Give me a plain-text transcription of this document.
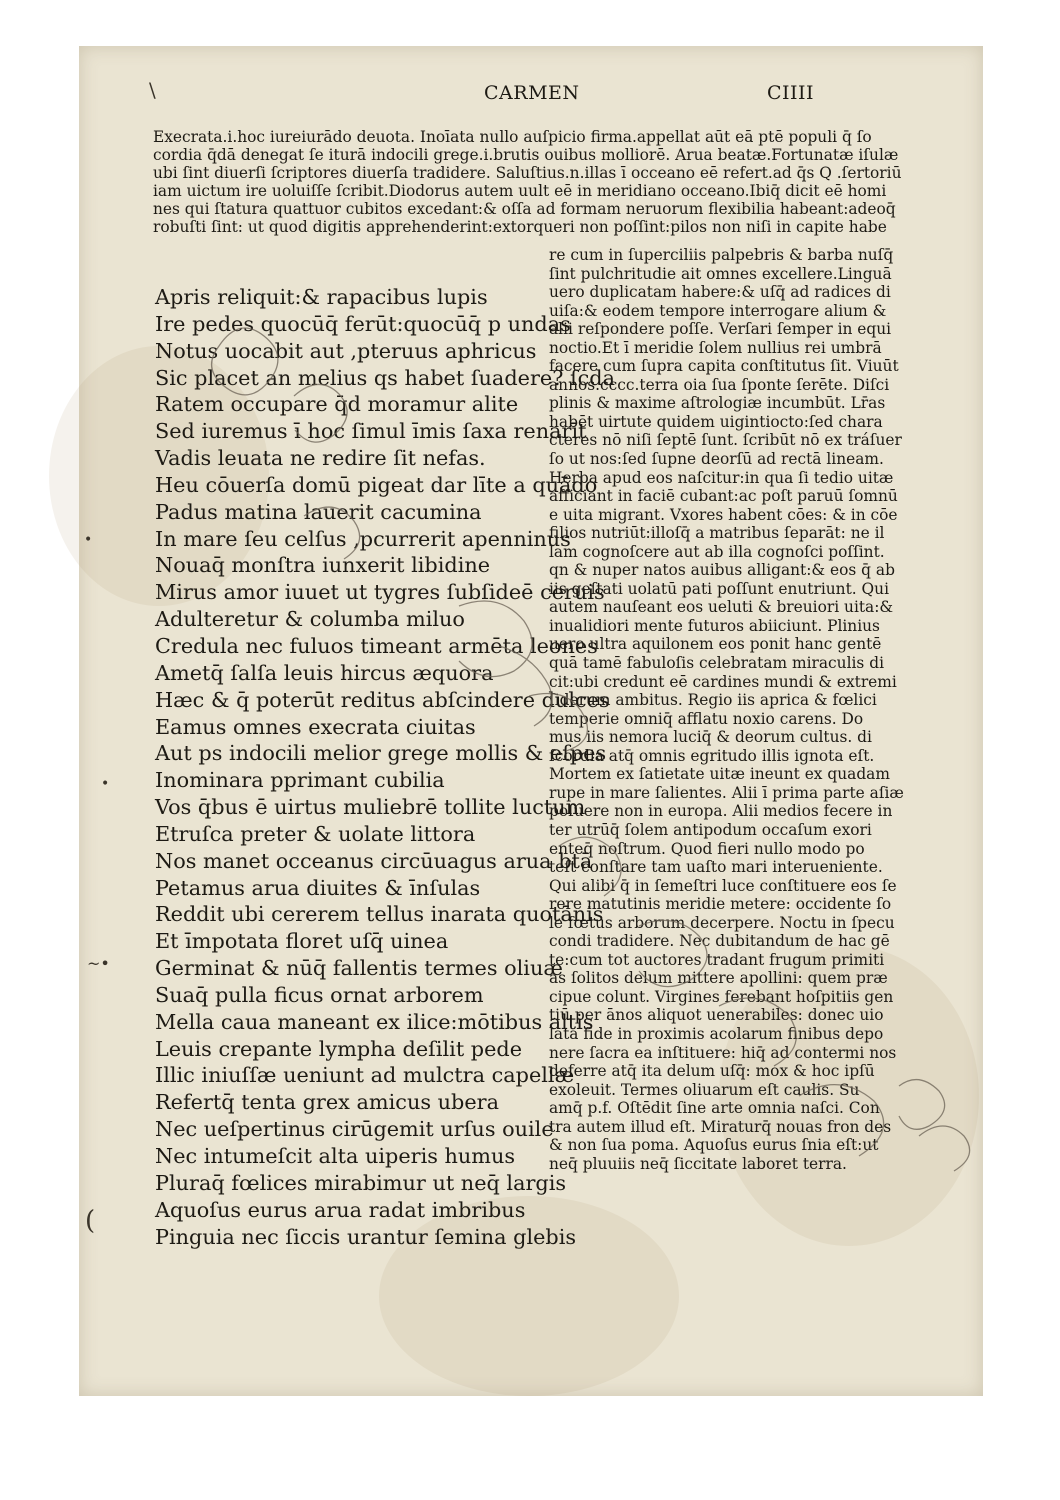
CARMEN	CIIII
\
(
•
•
~•
Execrata.i.hoc iureiurādo deuota. Inoīata nullo auſpicio firma.appellat aūt eā ptē populi q̄ ſo
cordia q̄dā denegat ſe iturā indocili grege.i.brutis ouibus molliorē. Arua beatæ.Fortunatæ iſulæ
ubi ſint diuerſi ſcriptores diuerſa tradidere. Saluſtius.n.illas ī occeano eē refert.ad q̄s Q .ſertoriū
iam uictum ire uoluiſſe ſcribit.Diodorus autem uult eē in meridiano occeano.Ibiq̄ dicit eē homi
nes qui ſtatura quattuor cubitos excedant:& oſſa ad formam neruorum flexibilia habeant:adeoq̄
robuſti ſint: ut quod digitis apprehenderint:extorqueri non poſſint:pilos non niſi in capite habe
Apris reliquit:& rapacibus lupis
Ire pedes quocūq̄ ferūt:quocūq̄ p undas
Notus uocabit aut ,pteruus aphricus
Sic placet an melius qs habet ſuadere? ſcda
Ratem occupare q̄d moramur alite
Sed iuremus ī hoc ſimul īmis ſaxa renarīt
Vadis leuata ne redire ſit nefas.
Heu cōuerſa domū pigeat dar līte a quādo
Padus matina lauerit cacumina
In mare ſeu celſus ,pcurrerit apenninus
Nouaq̄ monſtra iunxerit libidine
Mirus amor iuuet ut tygres ſubſideē ceruis
Adulteretur & columba miluo
Credula nec fuluos timeant armēta leones
Ametq̄ ſalſa leuis hircus æquora
Hæc & q̄ poterūt reditus abſcindere dulces
Eamus omnes execrata ciuitas
Aut ps indocili melior grege mollis & eſpes
Inominara pprimant cubilia
Vos q̄bus ē uirtus muliebrē tollite luctum
Etruſca preter & uolate littora
Nos manet occeanus circūuagus arua btā
Petamus arua diuites & īnſulas
Reddit ubi cererem tellus inarata quotānis
Et īmpotata floret uſq̄ uinea
Germinat & nūq̄ fallentis termes oliuæ
Suaq̄ pulla ficus ornat arborem
Mella caua maneant ex ilice:mōtibus altis
Leuis crepante lympha deſilit pede
Illic iniuſſæ ueniunt ad mulctra capellæ
Refertq̄ tenta grex amicus ubera
Nec ueſpertinus cirūgemit urſus ouile
Nec intumeſcit alta uiperis humus
Pluraq̄ fœlices mirabimur ut neq̄ largis
Aquoſus eurus arua radat imbribus
Pinguia nec ſiccis urantur ſemina glebis
re cum in ſuperciliis palpebris & barba nuſq̄
ſint pulchritudie ait omnes excellere.Linguā
uero duplicatam habere:& uſq̄ ad radices di
uiſa:& eodem tempore interrogare alium &
alii reſpondere poſſe. Verſari ſemper in equi
noctio.Et ī meridie ſolem nullius rei umbrā
facere cum ſupra capita conſtitutus ſit. Viuūt
annos.cccc.terra oia ſua ſponte ſerēte. Diſci
plinis & maxime aſtrologiæ incumbūt. Lr̄as
habēt uirtute quidem uigintiocto:ſed chara
cteres nō niſi ſeptē ſunt. ſcribūt nō ex tráſuer
ſo ut nos:ſed ſupne deorſū ad rectā lineam.
Herba apud eos naſcitur:in qua ſi tedio uitæ
afficiant in faciē cubant:ac poſt paruū ſomnū
e uita migrant. Vxores habent cōes: & in cōe
filios nutriūt:illoſq̄ a matribus ſeparāt: ne il
lam cognoſcere aut ab illa cognoſci poſſint.
qn & nuper natos auibus alligant:& eos q̄ ab
iis geſtati uolatū pati poſſunt enutriunt. Qui
autem nauſeant eos ueluti & breuiori uita:&
inualidiori mente futuros abiiciunt. Plinius
uero ultra aquilonem eos ponit hanc gentē
quā tamē fabuloſis celebratam miraculis di
cit:ubi credunt eē cardines mundi & extremi
ſiderum ambitus. Regio iis aprica & fœlici
temperie omniq̄ afflatu noxio carens. Do
mus iis nemora luciq̄ & deorum cultus. di
ſcordia atq̄ omnis egritudo illis ignota eſt.
Mortem ex ſatietate uitæ ineunt ex quadam
rupe in mare ſalientes. Alii ī prima parte aſiæ
poſuere non in europa. Alii medios fecere in
ter utrūq̄ ſolem antipodum occaſum exori
enteq̄ noſtrum. Quod fieri nullo modo po
teſt conſtare tam uaſto mari interueniente.
Qui alibi q̄ in ſemeſtri luce conſtituere eos ſe
rere matutinis meridie metere: occidente ſo
le fœtus arborum decerpere. Noctu in ſpecu
condi tradidere. Nec dubitandum de hac gē
te:cum tot auctores tradant frugum primiti
as ſolitos delum mittere apollini: quem præ
cipue colunt. Virgines ferebant hoſpitiis gen
tiū per ānos aliquot uenerabiles: donec uio
lata fide in proximis acolarum finibus depo
nere ſacra ea inſtituere: hiq̄ ad contermi nos
deferre atq̄ ita delum uſq̄: mox & hoc ipſū
exoleuit. Termes oliuarum eſt caulis. Su
amq̄ p.f. Oſtēdit ſine arte omnia naſci. Con
tra autem illud eſt. Miraturq̄ nouas fron des
& non ſua poma. Aquoſus eurus ſnia eſt:ut
neq̄ pluuiis neq̄ ſiccitate laboret terra.
